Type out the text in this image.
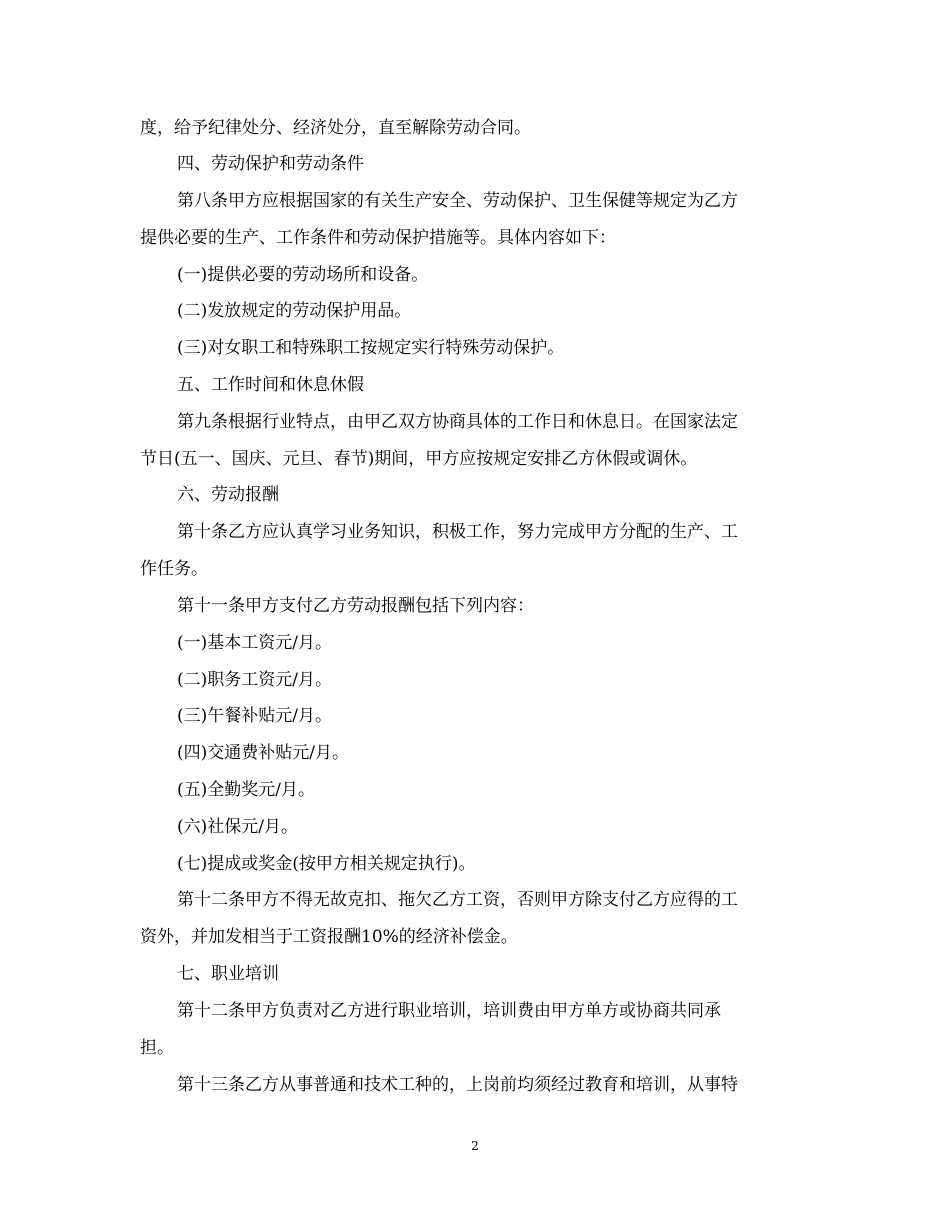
度，给予纪律处分、经济处分，直至解除劳动合同。
四、劳动保护和劳动条件
第八条甲方应根据国家的有关生产安全、劳动保护、卫生保健等规定为乙方
提供必要的生产、工作条件和劳动保护措施等。具体内容如下：
(一)提供必要的劳动场所和设备。
(二)发放规定的劳动保护用品。
(三)对女职工和特殊职工按规定实行特殊劳动保护。
五、工作时间和休息休假
第九条根据行业特点，由甲乙双方协商具体的工作日和休息日。在国家法定
节日(五一、国庆、元旦、春节)期间，甲方应按规定安排乙方休假或调休。
六、劳动报酬
第十条乙方应认真学习业务知识，积极工作，努力完成甲方分配的生产、工
作任务。
第十一条甲方支付乙方劳动报酬包括下列内容：
(一)基本工资元/月。
(二)职务工资元/月。
(三)午餐补贴元/月。
(四)交通费补贴元/月。
(五)全勤奖元/月。
(六)社保元/月。
(七)提成或奖金(按甲方相关规定执行)。
第十二条甲方不得无故克扣、拖欠乙方工资，否则甲方除支付乙方应得的工
资外，并加发相当于工资报酬10%的经济补偿金。
七、职业培训
第十二条甲方负责对乙方进行职业培训，培训费由甲方单方或协商共同承
担。
第十三条乙方从事普通和技术工种的，上岗前均须经过教育和培训，从事特
2
